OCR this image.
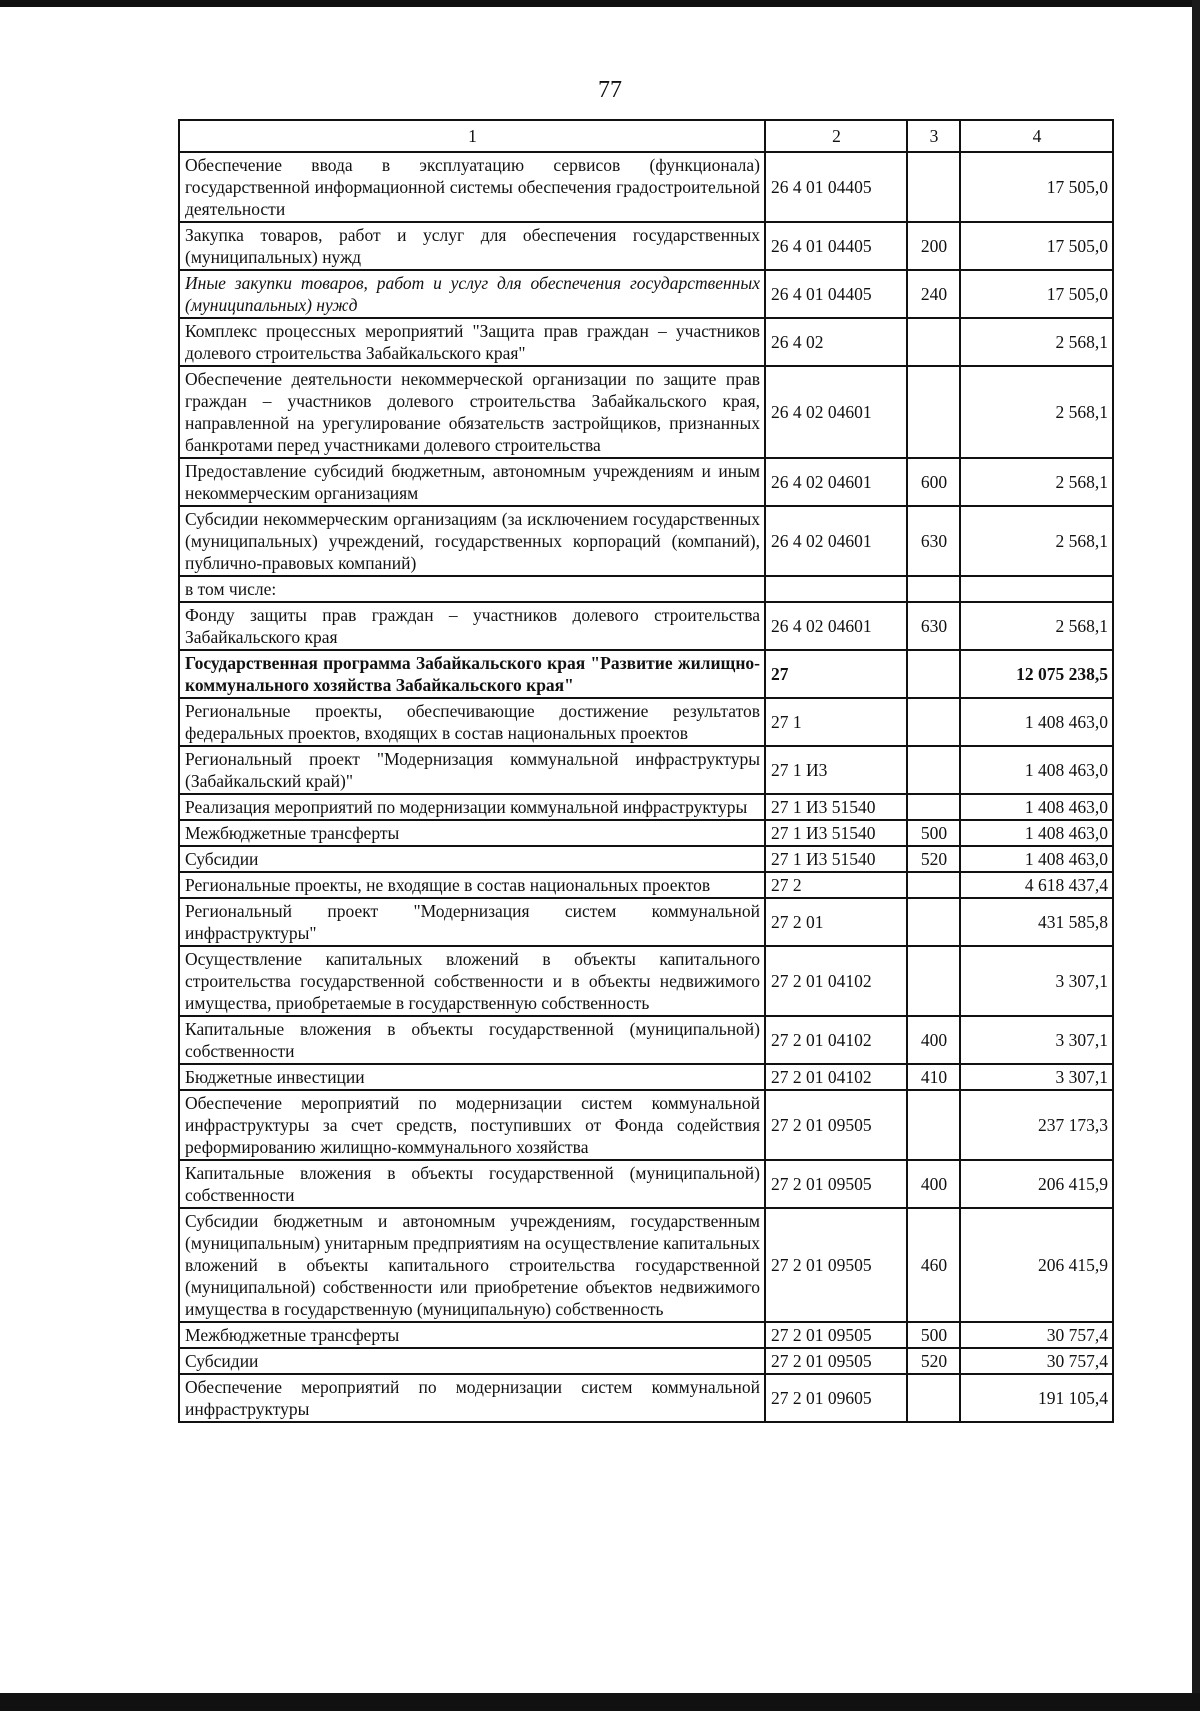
77
1	2	3	4
Обеспечение ввода в эксплуатацию сервисов (функционала) государственной информационной системы обеспечения градостроительной деятельности	26 4 01 04405		17 505,0
Закупка товаров, работ и услуг для обеспечения государственных (муниципальных) нужд	26 4 01 04405	200	17 505,0
Иные закупки товаров, работ и услуг для обеспечения государственных (муниципальных) нужд	26 4 01 04405	240	17 505,0
Комплекс процессных мероприятий "Защита прав граждан – участников долевого строительства Забайкальского края"	26 4 02		2 568,1
Обеспечение деятельности некоммерческой организации по защите прав граждан – участников долевого строительства Забайкальского края, направленной на урегулирование обязательств застройщиков, признанных банкротами перед участниками долевого строительства	26 4 02 04601		2 568,1
Предоставление субсидий бюджетным, автономным учреждениям и иным некоммерческим организациям	26 4 02 04601	600	2 568,1
Субсидии некоммерческим организациям (за исключением государственных (муниципальных) учреждений, государственных корпораций (компаний), публично-правовых компаний)	26 4 02 04601	630	2 568,1
в том числе:			
Фонду защиты прав граждан – участников долевого строительства Забайкальского края	26 4 02 04601	630	2 568,1
Государственная программа Забайкальского края "Развитие жилищно-коммунального хозяйства Забайкальского края"	27		12 075 238,5
Региональные проекты, обеспечивающие достижение результатов федеральных проектов, входящих в состав национальных проектов	27 1		1 408 463,0
Региональный проект "Модернизация коммунальной инфраструктуры (Забайкальский край)"	27 1 И3		1 408 463,0
Реализация мероприятий по модернизации коммунальной инфраструктуры	27 1 И3 51540		1 408 463,0
Межбюджетные трансферты	27 1 И3 51540	500	1 408 463,0
Субсидии	27 1 И3 51540	520	1 408 463,0
Региональные проекты, не входящие в состав национальных проектов	27 2		4 618 437,4
Региональный проект "Модернизация систем коммунальной инфраструктуры"	27 2 01		431 585,8
Осуществление капитальных вложений в объекты капитального строительства государственной собственности и в объекты недвижимого имущества, приобретаемые в государственную собственность	27 2 01 04102		3 307,1
Капитальные вложения в объекты государственной (муниципальной) собственности	27 2 01 04102	400	3 307,1
Бюджетные инвестиции	27 2 01 04102	410	3 307,1
Обеспечение мероприятий по модернизации систем коммунальной инфраструктуры за счет средств, поступивших от Фонда содействия реформированию жилищно-коммунального хозяйства	27 2 01 09505		237 173,3
Капитальные вложения в объекты государственной (муниципальной) собственности	27 2 01 09505	400	206 415,9
Субсидии бюджетным и автономным учреждениям, государственным (муниципальным) унитарным предприятиям на осуществление капитальных вложений в объекты капитального строительства государственной (муниципальной) собственности или приобретение объектов недвижимого имущества в государственную (муниципальную) собственность	27 2 01 09505	460	206 415,9
Межбюджетные трансферты	27 2 01 09505	500	30 757,4
Субсидии	27 2 01 09505	520	30 757,4
Обеспечение мероприятий по модернизации систем коммунальной инфраструктуры	27 2 01 09605		191 105,4
